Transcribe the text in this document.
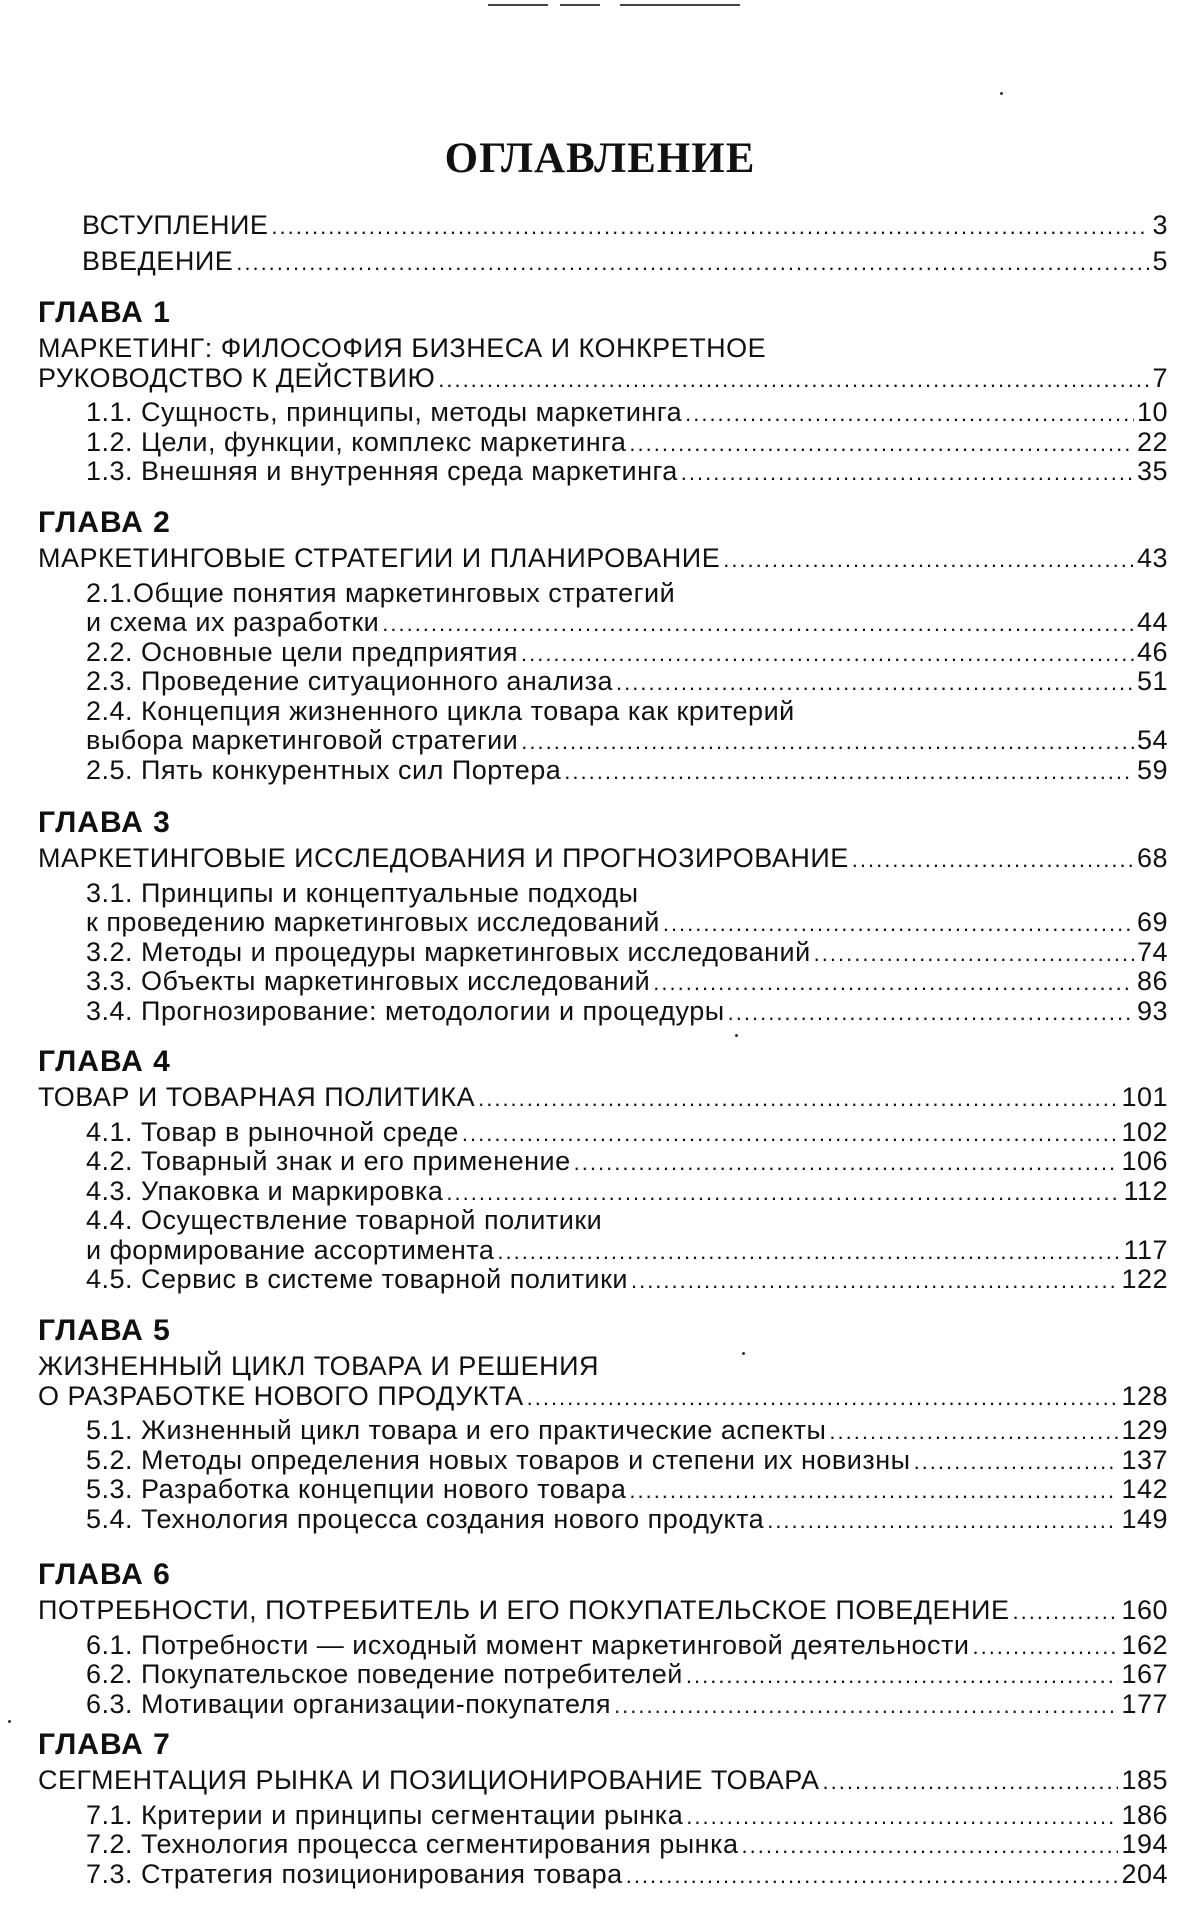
ОГЛАВЛЕНИЕ
ВСТУПЛЕНИЕ .....	3
ВВЕДЕНИЕ .....	5
ГЛАВА 1
МАРКЕТИНГ: ФИЛОСОФИЯ БИЗНЕСА И КОНКРЕТНОЕ
РУКОВОДСТВО К ДЕЙСТВИЮ .....	7
1.1. Сущность, принципы, методы маркетинга .....	10
1.2. Цели, функции, комплекс маркетинга .....	22
1.3. Внешняя и внутренняя среда маркетинга .....	35
ГЛАВА 2
МАРКЕТИНГОВЫЕ СТРАТЕГИИ И ПЛАНИРОВАНИЕ .....	43
2.1.Общие понятия маркетинговых стратегий
и схема их разработки .....	44
2.2. Основные цели предприятия .....	46
2.3. Проведение ситуационного анализа .....	51
2.4. Концепция жизненного цикла товара как критерий
выбора маркетинговой стратегии .....	54
2.5. Пять конкурентных сил Портера .....	59
ГЛАВА 3
МАРКЕТИНГОВЫЕ ИССЛЕДОВАНИЯ И ПРОГНОЗИРОВАНИЕ .....	68
3.1. Принципы и концептуальные подходы
к проведению маркетинговых исследований .....	69
3.2. Методы и процедуры маркетинговых исследований .....	74
3.3. Объекты маркетинговых исследований .....	86
3.4. Прогнозирование: методологии и процедуры .....	93
ГЛАВА 4
ТОВАР И ТОВАРНАЯ ПОЛИТИКА .....	101
4.1. Товар в рыночной среде .....	102
4.2. Товарный знак и его применение .....	106
4.3. Упаковка и маркировка .....	112
4.4. Осуществление товарной политики
и формирование ассортимента .....	117
4.5. Сервис в системе товарной политики .....	122
ГЛАВА 5
ЖИЗНЕННЫЙ ЦИКЛ ТОВАРА И РЕШЕНИЯ
О РАЗРАБОТКЕ НОВОГО ПРОДУКТА .....	128
5.1. Жизненный цикл товара и его практические аспекты .....	129
5.2. Методы определения новых товаров и степени их новизны .....	137
5.3. Разработка концепции нового товара .....	142
5.4. Технология процесса создания нового продукта .....	149
ГЛАВА 6
ПОТРЕБНОСТИ, ПОТРЕБИТЕЛЬ И ЕГО ПОКУПАТЕЛЬСКОЕ ПОВЕДЕНИЕ .....	160
6.1. Потребности — исходный момент маркетинговой деятельности .....	162
6.2. Покупательское поведение потребителей .....	167
6.3. Мотивации организации-покупателя .....	177
ГЛАВА 7
СЕГМЕНТАЦИЯ РЫНКА И ПОЗИЦИОНИРОВАНИЕ ТОВАРА .....	185
7.1. Критерии и принципы сегментации рынка .....	186
7.2. Технология процесса сегментирования рынка .....	194
7.3. Стратегия позиционирования товара .....	204
